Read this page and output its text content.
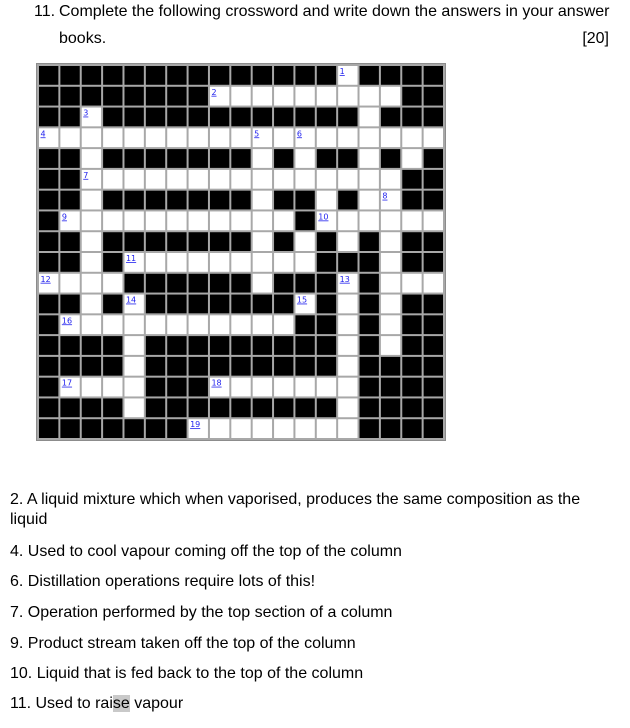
11. Complete the following crossword and write down the answers in your answer
books.	[20]
1
2
3
4	5	6
7
8
9	10
11
12	13
14	15
16
17	18
19
2. A liquid mixture which when vaporised, produces the same composition as the
liquid
4. Used to cool vapour coming off the top of the column
6. Distillation operations require lots of this!
7. Operation performed by the top section of a column
9. Product stream taken off the top of the column
10. Liquid that is fed back to the top of the column
11. Used to raise vapour
